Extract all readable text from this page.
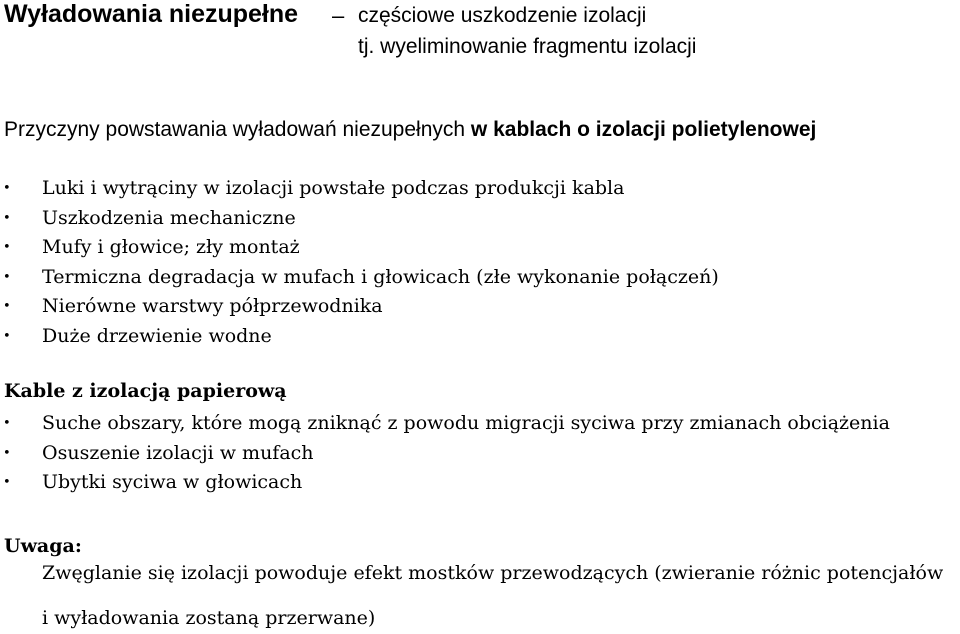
Wyładowania niezupełne – częściowe uszkodzenie izolacji
tj. wyeliminowanie fragmentu izolacji
Przyczyny powstawania wyładowań niezupełnych w kablach o izolacji polietylenowej
• Luki i wytrąciny w izolacji powstałe podczas produkcji kabla
• Uszkodzenia mechaniczne
• Mufy i głowice; zły montaż
• Termiczna degradacja w mufach i głowicach (złe wykonanie połączeń)
• Nierówne warstwy półprzewodnika
• Duże drzewienie wodne
Kable z izolacją papierową
• Suche obszary, które mogą zniknąć z powodu migracji syciwa przy zmianach obciążenia
• Osuszenie izolacji w mufach
• Ubytki syciwa w głowicach
Uwaga:
Zwęglanie się izolacji powoduje efekt mostków przewodzących (zwieranie różnic potencjałów
i wyładowania zostaną przerwane)
